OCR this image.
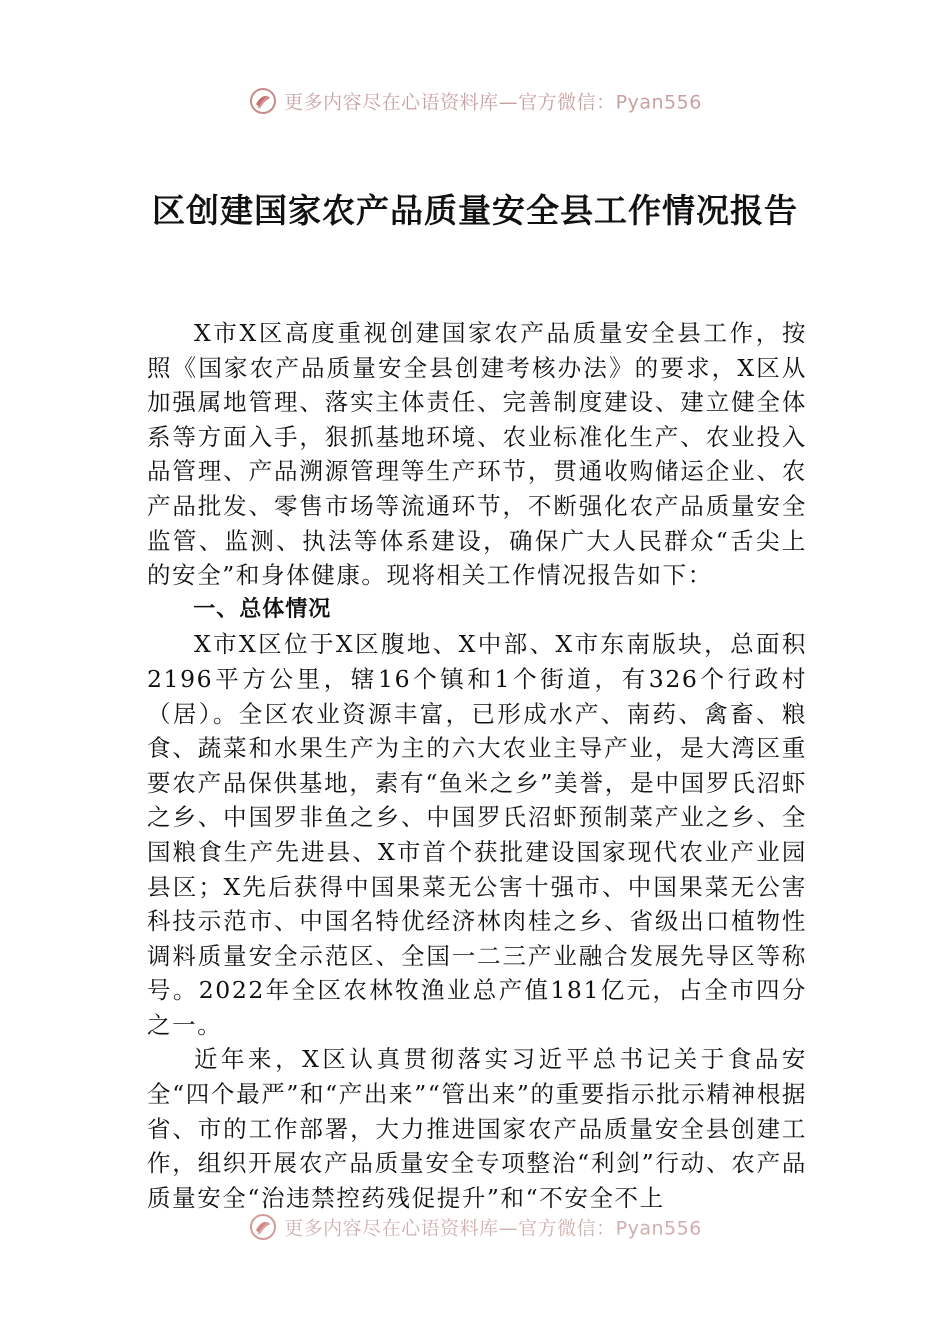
更多内容尽在心语资料库—官方微信：Pyan556
区创建国家农产品质量安全县工作情况报告

X市X区高度重视创建国家农产品质量安全县工作，按照《国家农产品质量安全县创建考核办法》的要求，X区从加强属地管理、落实主体责任、完善制度建设、建立健全体系等方面入手，狠抓基地环境、农业标准化生产、农业投入品管理、产品溯源管理等生产环节，贯通收购储运企业、农产品批发、零售市场等流通环节，不断强化农产品质量安全监管、监测、执法等体系建设，确保广大人民群众“舌尖上的安全”和身体健康。现将相关工作情况报告如下：

一、总体情况

X市X区位于X区腹地、X中部、X市东南版块，总面积2196平方公里，辖16个镇和1个街道，有326个行政村（居）。全区农业资源丰富，已形成水产、南药、禽畜、粮食、蔬菜和水果生产为主的六大农业主导产业，是大湾区重要农产品保供基地，素有“鱼米之乡”美誉，是中国罗氏沼虾之乡、中国罗非鱼之乡、中国罗氏沼虾预制菜产业之乡、全国粮食生产先进县、X市首个获批建设国家现代农业产业园县区；X先后获得中国果菜无公害十强市、中国果菜无公害科技示范市、中国名特优经济林肉桂之乡、省级出口植物性调料质量安全示范区、全国一二三产业融合发展先导区等称号。2022年全区农林牧渔业总产值181亿元，占全市四分之一。

近年来，X区认真贯彻落实习近平总书记关于食品安全“四个最严”和“产出来”“管出来”的重要指示批示精神根据省、市的工作部署，大力推进国家农产品质量安全县创建工作，组织开展农产品质量安全专项整治“利剑”行动、农产品质量安全“治违禁控药残促提升”和“不安全不上

更多内容尽在心语资料库—官方微信：Pyan556
